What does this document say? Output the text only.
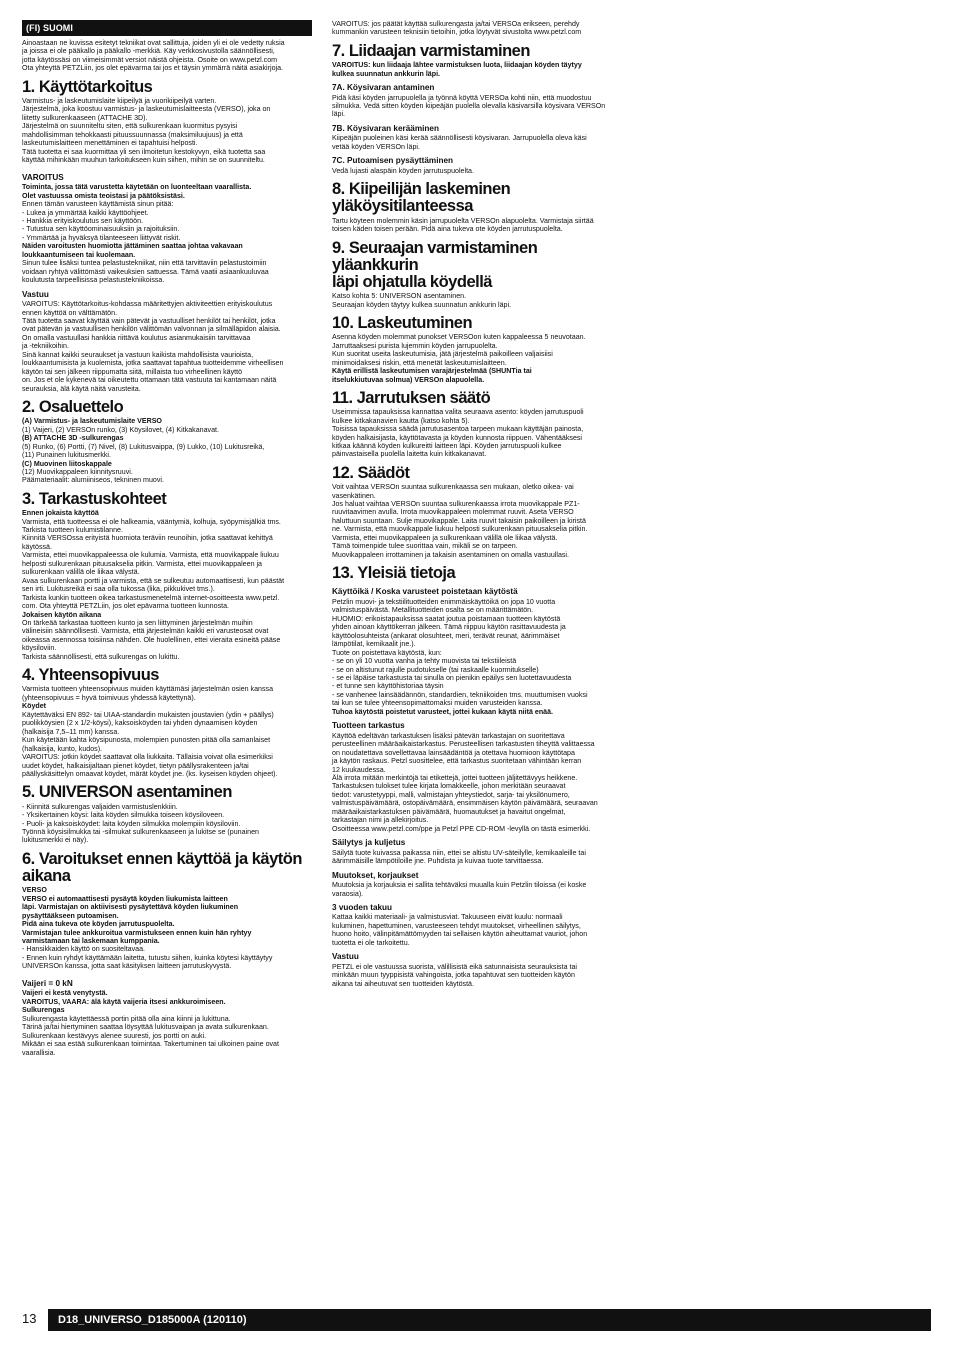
(FI) SUOMI
Ainoastaan ne kuvissa esitetyt tekniikat ovat sallittuja, joiden yli ei ole vedetty ruksia
ja joissa ei ole pääkallo ja pääkallo -merkkiä. Käy verkkosivustolla säännöllisesti,
jotta käytössäsi on viimeisimmät versiot näistä ohjeista. Osoite on www.petzl.com
Ota yhteyttä PETZLiin, jos olet epävarma tai jos et täysin ymmärrä näitä asiakirjoja.
1. Käyttötarkoitus
Varmistus- ja laskeutumislaite kiipeilyä ja vuorikiipeilyä varten.
Järjestelmä, joka koostuu varmistus- ja laskeutumislaitteesta (VERSO), joka on
liitetty sulkurenkaaseen (ATTACHE 3D).
Järjestelmä on suunniteltu siten, että sulkurenkaan kuormitus pysyisi
mahdollisimman tehokkaasti pituussuunnassa (maksimiluujuus) ja että
laskeutumislaitteen menettäminen ei tapahtuisi helposti.
Tätä tuotetta ei saa kuormittaa yli sen ilmoitetun kestokyvyn, eikä tuotetta saa
käyttää mihinkään muuhun tarkoitukseen kuin siihen, mihin se on suunniteltu.
VAROITUS
Toiminta, jossa tätä varustetta käytetään on luonteeltaan vaarallista.
Olet vastuussa omista teoistasi ja päätöksistäsi.
Ennen tämän varusteen käyttämistä sinun pitää:
- Lukea ja ymmärtää kaikki käyttöohjeet.
- Hankkia erityiskoulutus sen käyttöön.
- Tutustua sen käyttöominaisuuksiin ja rajoituksiin.
- Ymmärtää ja hyväksyä tilanteeseen liittyvät riskit.
Näiden varoitusten huomiotta jättäminen saattaa johtaa vakavaan
loukkaantumiseen tai kuolemaan.
Sinun tulee lisäksi tuntea pelastustekniikat, niin että tarvittaviin pelastustoimiin
voidaan ryhtyä välittömästi vaikeuksien sattuessa. Tämä vaatii asiaankuuluvaa
koulutusta tarpeellisissa pelastustekniikoissa.
Vastuu
VAROITUS: Käyttötarkoitus-kohdassa määritettyjen aktiviteettien erityiskoulutus
ennen käyttöä on välttämätön.
Tätä tuotetta saavat käyttää vain pätevät ja vastuulliset henkilöt tai henkilöt, jotka
ovat pätevän ja vastuullisen henkilön välittömän valvonnan ja silmälläpidon alaisia.
On omalla vastuullasi hankkia riittävä koulutus asianmukaisiin tarvittavaa
ja -tekniikoihin.
Sinä kannat kaikki seuraukset ja vastuun kaikista mahdollisista vaurioista,
loukkaantumisista ja kuolemista, jotka saattavat tapahtua tuotteidemme virheellisen
käytön tai sen jälkeen riippumatta siitä, millaista tuo virheellinen käyttö
on. Jos et ole kykenevä tai oikeutettu ottamaan tätä vastuuta tai kantamaan näitä
seurauksia, älä käytä näitä varusteita.
2. Osaluettelo

(A) Varmistus- ja laskeutumislaite VERSO

(1) Vaijeri, (2) VERSOn runko, (3) Köysilovet, (4) Kitkakanavat.

(B) ATTACHE 3D -sulkurengas

(5) Runko, (6) Portti, (7) Nivel, (8) Lukitusvaippa, (9) Lukko, (10) Lukitusreikä,
(11) Punainen lukitusmerkki.

(C) Muovinen liitoskappale

(12) Muovikappaleen kiinnitysruuvi.
Päämateriaalit: alumiiniseos, tekninen muovi.
3. Tarkastuskohteet

Ennen jokaista käyttöä

Varmista, että tuotteessa ei ole halkeamia, vääntymiä, kolhuja, syöpymisjälkiä tms.
Tarkista tuotteen kulumistilanne.
Kiinnitä VERSOssa erityistä huomiota teräviin reunoihin, jotka saattavat kehittyä
käytössä.
Varmista, ettei muovikappaleessa ole kulumia. Varmista, että muovikappale liukuu
helposti sulkurenkaan pituusakselia pitkin. Varmista, ettei muovikappaleen ja
sulkurenkaan välillä ole liikaa välystä.
Avaa sulkurenkaan portti ja varmista, että se sulkeutuu automaattisesti, kun päästät
sen irti. Lukitusreikä ei saa olla tukossa (lika, pikkukivet tms.).
Tarkista kunkin tuotteen oikea tarkastusmenetelmä internet-osoitteesta www.petzl.
com. Ota yhteyttä PETZLiin, jos olet epävarma tuotteen kunnosta.

Jokaisen käytön aikana

On tärkeää tarkastaa tuotteen kunto ja sen liittyminen järjestelmän muihin
välineisiin säännöllisesti. Varmista, että järjestelmän kaikki eri varusteosat ovat
oikeassa asennossa toisiinsa nähden. Ole huolellinen, ettei vieraita esineitä pääse
köysiloviin.
Tarkista säännöllisesti, että sulkurengas on lukittu.
4. Yhteensopivuus
Varmista tuotteen yhteensopivuus muiden käyttämäsi järjestelmän osien kanssa
(yhteensopivuus = hyvä toimivuus yhdessä käytettynä).

Köydet

Käytettäväksi EN 892- tai UIAA-standardin mukaisten joustavien (ydin + päällys)
puolikköysien (2 x 1/2-köysi), kaksoisköyden tai yhden dynaamisen köyden
(halkaisija 7,5–11 mm) kanssa.
Kun käytetään kahta köysipunosta, molempien punosten pitää olla samanlaiset
(halkaisija, kunto, kudos).
VAROITUS: jotkin köydet saattavat olla liukkaita. Tällaisia voivat olla esimerkiksi
uudet köydet, halkaisijaltaan pienet köydet, tietyn päällysrakenteen ja/tai
päällyskäsittelyn omaavat köydet, märät köydet jne. (ks. kyseisen köyden ohjeet).
5. UNIVERSON asentaminen
- Kiinnitä sulkurengas valjaiden varmistuslenkkiin.
- Yksikertainen köysi: laita köyden silmukka toiseen köysiloveen.
- Puoli- ja kaksoisköydet: laita köyden silmukka molempiin köysiloviin.
Työnnä köysisilmukka tai -silmukat sulkurenkaaseen ja lukitse se (punainen
lukitusmerkki ei näy).
6. Varoitukset ennen käyttöä ja käytön
aikana

VERSO

VERSO ei automaattisesti pysäytä köyden liukumista laitteen
läpi. Varmistajan on aktiivisesti pysäytettävä köyden liukuminen
pysäyttääkseen putoamisen.
Pidä aina tukeva ote köyden jarrutuspuolelta.
Varmistajan tulee ankkuroitua varmistukseen ennen kuin hän ryhtyy
varmistamaan tai laskemaan kumppania.
- Hansikkaiden käyttö on suositeltavaa.
- Ennen kuin ryhdyt käyttämään laitetta, tutustu siihen, kuinka köytesi käyttäytyy
UNIVERSOn kanssa, jotta saat käsityksen laitteen jarrutuskyvystä.
Vaijeri = 0 kN
Vaijeri ei kestä venytystä.
VAROITUS, VAARA: älä käytä vaijeria itsesi ankkuroimiseen.

Sulkurengas

Sulkurengasta käytettäessä portin pitää olla aina kiinni ja lukittuna.
Tärinä ja/tai hiertyminen saattaa löysyttää lukitusvaipan ja avata sulkurenkaan.
Sulkurenkaan kestävyys alenee suuresti, jos portti on auki.
Mikään ei saa estää sulkurenkaan toimintaa. Takertuminen tai ulkoinen paine ovat
vaarallisia.
VAROITUS: jos päätät käyttää sulkurengasta ja/tai VERSOa erikseen, perehdy
kummankin varusteen teknisiin tietoihin, jotka löytyvät sivustolta www.petzl.com
7. Liidaajan varmistaminen
VAROITUS: kun liidaaja lähtee varmistuksen luota, liidaajan köyden täytyy
kulkea suunnatun ankkurin läpi.
7A. Köysivaran antaminen
Pidä käsi köyden jarrupuolella ja työnnä köyttä VERSOa kohti niin, että muodostuu
silmukka. Vedä sitten köyden kiipeäjän puolella olevalla käsivarsilla köysivara VERSOn
läpi.
7B. Köysivaran kerääminen
Kiipeäjän puoleinen käsi kerää säännöllisesti köysivaran. Jarrupuolella oleva käsi
vetää köyden VERSOn läpi.
7C. Putoamisen pysäyttäminen

Vedä lujasti alaspäin köyden jarrutuspuolelta.

8. Kiipeilijän laskeminen
yläköysitilanteessa
Tartu köyteen molemmin käsin jarrupuolelta VERSOn alapuolelta. Varmistaja siirtää
toisen käden toisen perään. Pidä aina tukeva ote köyden jarrutuspuolelta.
9. Seuraajan varmistaminen yläankkurin
läpi ohjatulla köydellä
Katso kohta 5: UNIVERSON asentaminen.
Seuraajan köyden täytyy kulkea suunnatun ankkurin läpi.
10. Laskeutuminen
Asenna köyden molemmat punokset VERSOon kuten kappaleessa 5 neuvotaan.
Jarruttaaksesi purista lujemmin köyden jarrupuolelta.
Kun suoritat useita laskeutumisia, jätä järjestelmä paikoilleen valjaisiisi
minimoidaksesi riskin, että menetät laskeutumislaitteen.
Käytä erillistä laskeutumisen varajärjestelmää (SHUNTia tai
itselukkiutuvaa solmua) VERSOn alapuolella.
11. Jarrutuksen säätö
Useimmissa tapauksissa kannattaa valita seuraava asento: köyden jarrutuspuoli
kulkee kitkakanavien kautta (katso kohta 5).
Toisissa tapauksissa säädä jarrutusasentoa tarpeen mukaan käyttäjän painosta,
köyden halkaisijasta, käyttötavasta ja köyden kunnosta riippuen. Vähentääksesi
kitkaa käännä köyden kulkureitti laitteen läpi. Köyden jarrutuspuoli kulkee
päinvastaisella puolella laitetta kuin kitkakanavat.
12. Säädöt
Voit vaihtaa VERSOn suuntaa sulkurenkaassa sen mukaan, oletko oikea- vai
vasenkätinen.
Jos haluat vaihtaa VERSOn suuntaa sulkurenkaassa irrota muovikappale PZ1-
ruuvitaavimen avulla. Irrota muovikappaleen molemmat ruuvit. Aseta VERSO
haluttuun suuntaan. Sulje muovikappale. Laita ruuvit takaisin paikoilleen ja kiristä
ne. Varmista, että muovikappale liukuu helposti sulkurenkaan pituusakselia pitkin.
Varmista, ettei muovikappaleen ja sulkurenkaan välillä ole liikaa välystä.
Tämä toimenpide tulee suorittaa vain, mikäli se on tarpeen.
Muovikappaleen irrottaminen ja takaisin asentaminen on omalla vastuullasi.
13. Yleisiä tietoja
Käyttöikä / Koska varusteet poistetaan käytöstä
Petzlin muovi- ja tekstiilituotteiden enimmäiskäyttöikä on jopa 10 vuotta
valmistuspäivästä. Metallituotteiden osalta se on määrittämätön.
HUOMIO: erikoistapauksissa saatat joutua poistamaan tuotteen käytöstä
yhden ainoan käyttökerran jälkeen. Tämä riippuu käytön rasittavuudesta ja
käyttöolosuhteista (ankarat olosuhteet, meri, terävät reunat, äärimmäiset
lämpötilat, kemikaalit jne.).
Tuote on poistettava käytöstä, kun:
- se on yli 10 vuotta vanha ja tehty muovista tai tekstiileistä
- se on altistunut rajulle pudotukselle (tai raskaalle kuormitukselle)
- se ei läpäise tarkastusta tai sinulla on pienikin epäilys sen luotettavuudesta
- et tunne sen käyttöhistoriaa täysin
- se vanhenee lainsäädännön, standardien, tekniikoiden tms. muuttumisen vuoksi
tai kun se tulee yhteensopimattomaksi muiden varusteiden kanssa.

Tuhoa käytöstä poistetut varusteet, jottei kukaan käytä niitä enää.

Tuotteen tarkastus
Käyttöä edeltävän tarkastuksen lisäksi pätevän tarkastajan on suoritettava
perusteellinen määräaikaistarkastus. Perusteellisen tarkastusten tiheyttä valittaessa
on noudatettava sovellettavaa lainsäädäntöä ja otettava huomioon käyttötapa
ja käytön raskaus. Petzl suosittelee, että tarkastus suoritetaan vähintään kerran
12 kuukaudessa.
Älä irrota mitään merkintöjä tai etikettejä, jottei tuotteen jäljitettävyys heikkene.
Tarkastuksen tulokset tulee kirjata lomakkeelle, johon merkitään seuraavat
tiedot: varustetyyppi, malli, valmistajan yhteystiedot, sarja- tai yksilönumero,
valmistuspäivämäärä, ostopäivämäärä, ensimmäisen käytön päivämäärä, seuraavan
määräaikaistarkastuksen päivämäärä, huomautukset ja havaitut ongelmat,
tarkastajan nimi ja allekirjoitus.
Osoitteessa www.petzl.com/ppe ja Petzl PPE CD-ROM -levyllä on tästä esimerkki.
Säilytys ja kuljetus
Säilytä tuote kuivassa paikassa niin, ettei se altistu UV-säteilylle, kemikaaleille tai
äärimmäisille lämpötiloille jne. Puhdista ja kuivaa tuote tarvittaessa.
Muutokset, korjaukset
Muutoksia ja korjauksia ei sallita tehtäväksi muualla kuin Petzlin tiloissa (ei koske
varaosia).
3 vuoden takuu
Kattaa kaikki materiaali- ja valmistusviat. Takuuseen eivät kuulu: normaali
kuluminen, hapettuminen, varusteeseen tehdyt muutokset, virheellinen säilytys,
huono hoito, välinpitämättömyyden tai sellaisen käytön aiheuttamat vauriot, johon
tuotetta ei ole tarkoitettu.
Vastuu
PETZL ei ole vastuussa suorista, välillisistä eikä satunnaisista seurauksista tai
minkään muun tyyppisistä vahingoista, jotka tapahtuvat sen tuotteiden käytön
aikana tai aiheutuvat sen tuotteiden käytöstä.
13	D18_UNIVERSO_D185000A (120110)
